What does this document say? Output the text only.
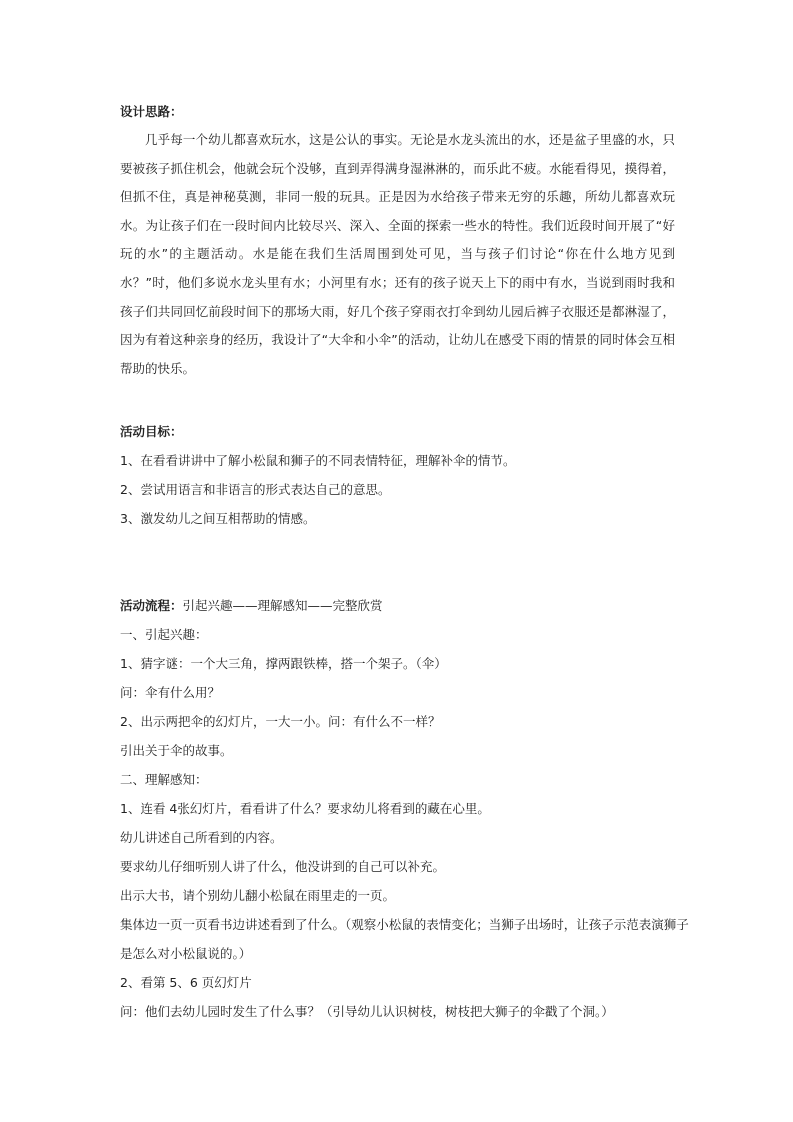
设计思路：
几乎每一个幼儿都喜欢玩水，这是公认的事实。无论是水龙头流出的水，还是盆子里盛的水，只要被孩子抓住机会，他就会玩个没够，直到弄得满身湿淋淋的，而乐此不疲。水能看得见，摸得着，但抓不住，真是神秘莫测，非同一般的玩具。正是因为水给孩子带来无穷的乐趣，所幼儿都喜欢玩水。为让孩子们在一段时间内比较尽兴、深入、全面的探索一些水的特性。我们近段时间开展了“好玩的水”的主题活动。水是能在我们生活周围到处可见，当与孩子们讨论“你在什么地方见到水？”时，他们多说水龙头里有水；小河里有水；还有的孩子说天上下的雨中有水，当说到雨时我和孩子们共同回忆前段时间下的那场大雨，好几个孩子穿雨衣打伞到幼儿园后裤子衣服还是都淋湿了，因为有着这种亲身的经历，我设计了“大伞和小伞”的活动，让幼儿在感受下雨的情景的同时体会互相帮助的快乐。
活动目标：
1、在看看讲讲中了解小松鼠和狮子的不同表情特征，理解补伞的情节。
2、尝试用语言和非语言的形式表达自己的意思。
3、激发幼儿之间互相帮助的情感。
活动流程：引起兴趣——理解感知——完整欣赏
一、引起兴趣：
1、猜字谜：一个大三角，撑两跟铁棒，搭一个架子。（伞）
问：伞有什么用？
2、出示两把伞的幻灯片，一大一小。问：有什么不一样？
引出关于伞的故事。
二、理解感知：
1、连看 4张幻灯片，看看讲了什么？要求幼儿将看到的藏在心里。
幼儿讲述自己所看到的内容。
要求幼儿仔细听别人讲了什么，他没讲到的自己可以补充。
出示大书，请个别幼儿翻小松鼠在雨里走的一页。
集体边一页一页看书边讲述看到了什么。（观察小松鼠的表情变化；当狮子出场时，让孩子示范表演狮子
是怎么对小松鼠说的。）
2、看第 5、6 页幻灯片
问：他们去幼儿园时发生了什么事？（引导幼儿认识树枝，树枝把大狮子的伞戳了个洞。）
